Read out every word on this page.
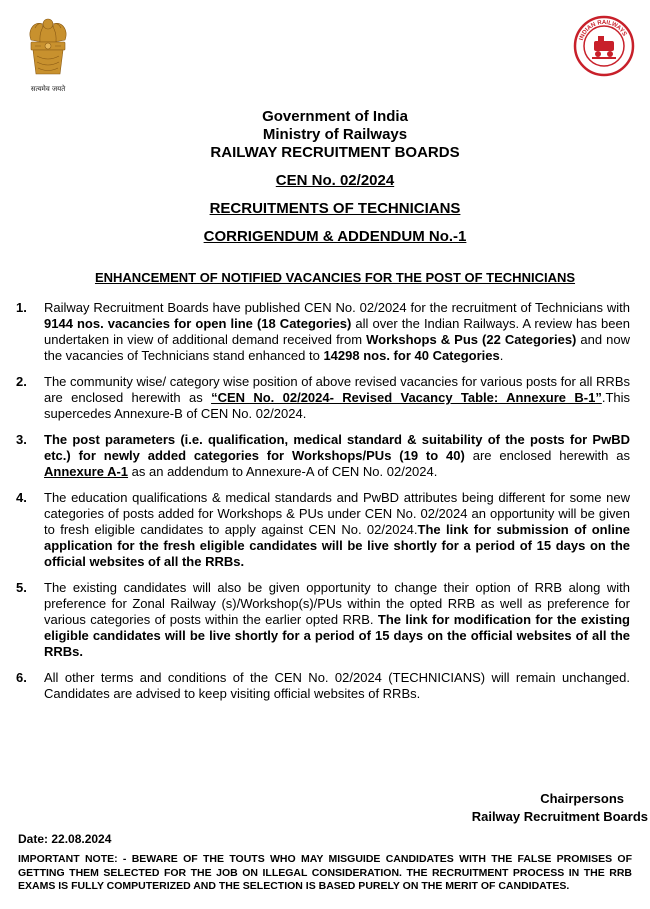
सत्यमेव जयते
INDIAN RAILWAYS
Government of India
Ministry of Railways
RAILWAY RECRUITMENT BOARDS
CEN No. 02/2024
RECRUITMENTS OF TECHNICIANS
CORRIGENDUM & ADDENDUM No.-1
ENHANCEMENT OF NOTIFIED VACANCIES FOR THE POST OF TECHNICIANS
1.	Railway Recruitment Boards have published CEN No. 02/2024 for the recruitment of Technicians with 9144 nos. vacancies for open line (18 Categories) all over the Indian Railways. A review has been undertaken in view of additional demand received from Workshops & Pus (22 Categories) and now the vacancies of Technicians stand enhanced to 14298 nos. for 40 Categories.
2.	The community wise/ category wise position of above revised vacancies for various posts for all RRBs are enclosed herewith as “CEN No. 02/2024- Revised Vacancy Table: Annexure B-1”.This supercedes Annexure-B of CEN No. 02/2024.
3.	The post parameters (i.e. qualification, medical standard & suitability of the posts for PwBD etc.) for newly added categories for Workshops/PUs (19 to 40) are enclosed herewith as Annexure A-1 as an addendum to Annexure-A of CEN No. 02/2024.
4.	The education qualifications & medical standards and PwBD attributes being different for some new categories of posts added for Workshops & PUs under CEN No. 02/2024 an opportunity will be given to fresh eligible candidates to apply against CEN No. 02/2024.The link for submission of online application for the fresh eligible candidates will be live shortly for a period of 15 days on the official websites of all the RRBs.
5.	The existing candidates will also be given opportunity to change their option of RRB along with preference for Zonal Railway (s)/Workshop(s)/PUs within the opted RRB as well as preference for various categories of posts within the earlier opted RRB. The link for modification for the existing eligible candidates will be live shortly for a period of 15 days on the official websites of all the RRBs.
6.	All other terms and conditions of the CEN No. 02/2024 (TECHNICIANS) will remain unchanged. Candidates are advised to keep visiting official websites of RRBs.
Chairpersons
Railway Recruitment Boards
Date: 22.08.2024
IMPORTANT NOTE: - BEWARE OF THE TOUTS WHO MAY MISGUIDE CANDIDATES WITH THE FALSE PROMISES OF GETTING THEM SELECTED FOR THE JOB ON ILLEGAL CONSIDERATION. THE RECRUITMENT PROCESS IN THE RRB EXAMS IS FULLY COMPUTERIZED AND THE SELECTION IS BASED PURELY ON THE MERIT OF CANDIDATES.
